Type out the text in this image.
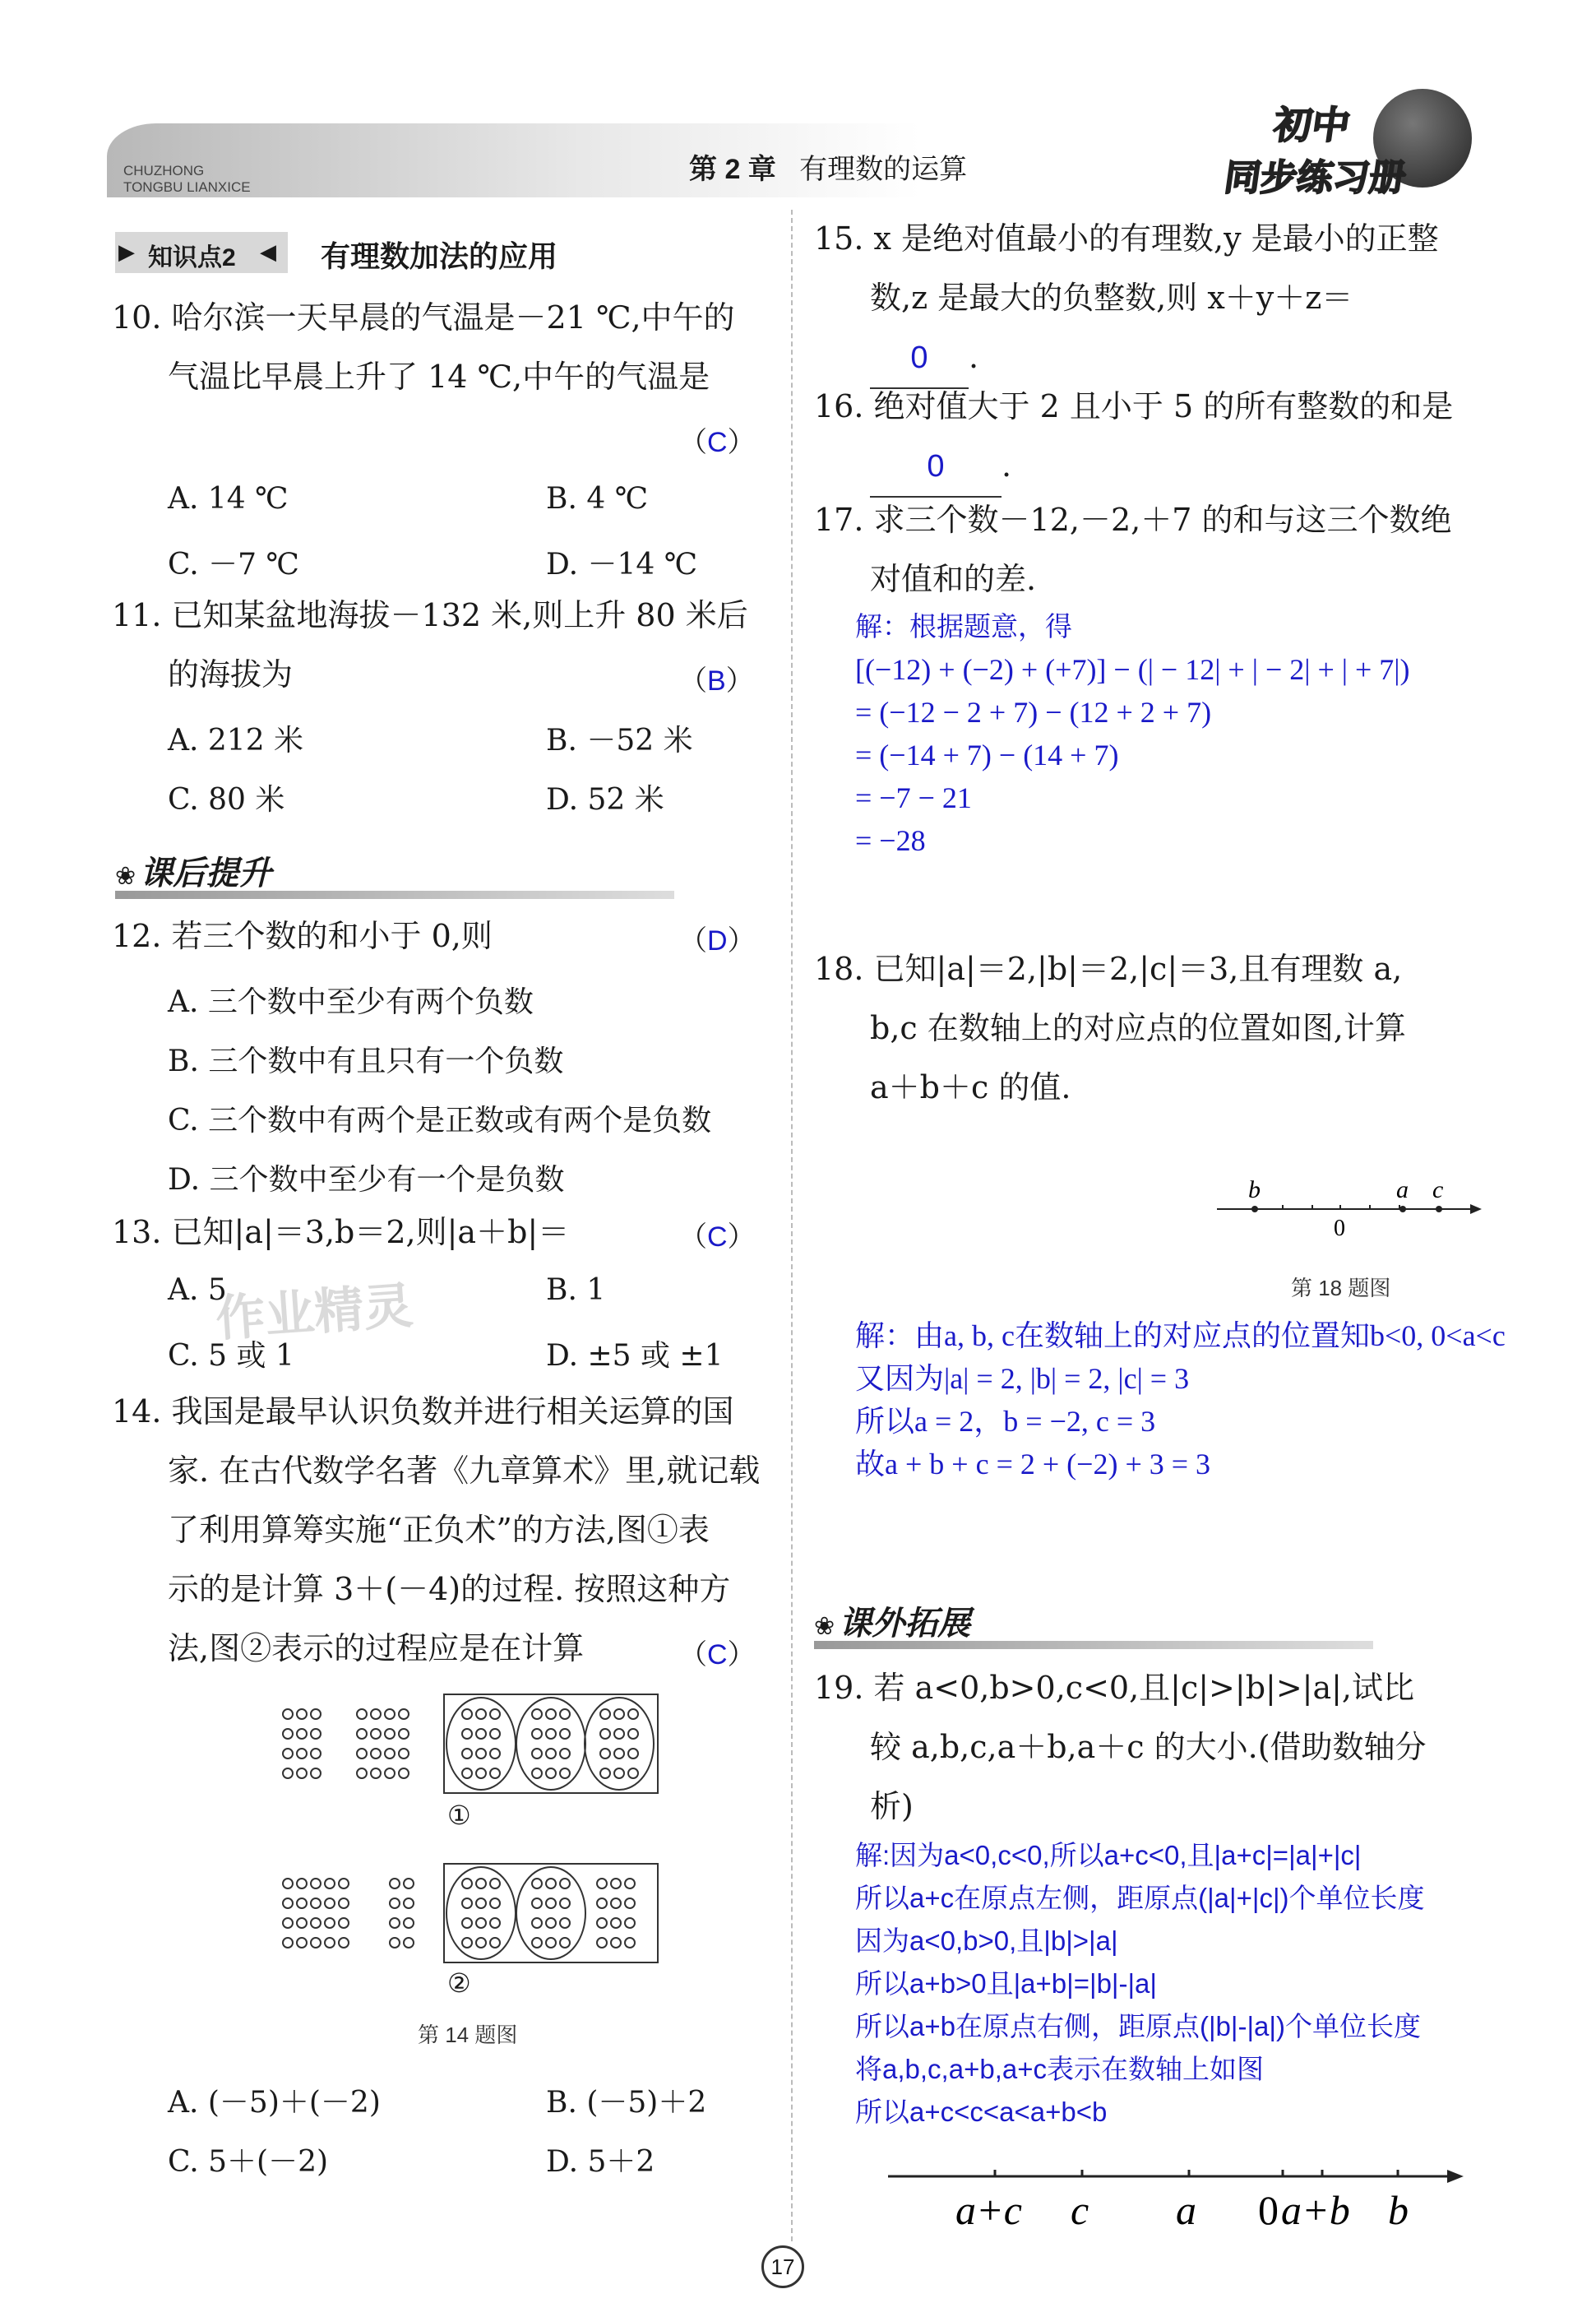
CHUZHONG
TONGBU LIANXICE
第 2 章 有理数的运算
初中
同步练习册
▶ 知识点2 ◀ 有理数加法的应用
10. 哈尔滨一天早晨的气温是－21 ℃,中午的
气温比早晨上升了 14 ℃,中午的气温是
（C）
A. 14 ℃	B. 4 ℃
C. －7 ℃	D. －14 ℃
11. 已知某盆地海拔－132 米,则上升 80 米后
的海拔为	（B）
A. 212 米	B. －52 米
C. 80 米	D. 52 米
❀ 课后提升
12. 若三个数的和小于 0,则	（D）
A. 三个数中至少有两个负数
B. 三个数中有且只有一个负数
C. 三个数中有两个是正数或有两个是负数
D. 三个数中至少有一个是负数
13. 已知|a|＝3,b＝2,则|a＋b|＝	（C）
A. 5	B. 1
C. 5 或 1	D. ±5 或 ±1
作业精灵
14. 我国是最早认识负数并进行相关运算的国
家. 在古代数学名著《九章算术》里,就记载
了利用算筹实施“正负术”的方法,图①表
示的是计算 3＋(－4)的过程. 按照这种方
法,图②表示的过程应是在计算	（C）
①
②
第 14 题图
A. (－5)＋(－2)	B. (－5)＋2
C. 5＋(－2)	D. 5＋2
15. x 是绝对值最小的有理数,y 是最小的正整
数,z 是最大的负整数,则 x＋y＋z＝
0 .
16. 绝对值大于 2 且小于 5 的所有整数的和是
0 .
17. 求三个数－12,－2,＋7 的和与这三个数绝
对值和的差.
解：根据题意，得
[(−12) + (−2) + (+7)] − (| − 12| + | − 2| + | + 7|)
= (−12 − 2 + 7) − (12 + 2 + 7)
= (−14 + 7) − (14 + 7)
= −7 − 21
= −28
18. 已知|a|＝2,|b|＝2,|c|＝3,且有理数 a,
b,c 在数轴上的对应点的位置如图,计算
a＋b＋c 的值.
b	a c
0
第 18 题图
解：由a, b, c在数轴上的对应点的位置知b<0, 0<a<c
又因为|a| = 2, |b| = 2, |c| = 3
所以a = 2，b = −2, c = 3
故a + b + c = 2 + (−2) + 3 = 3
❀ 课外拓展
19. 若 a<0,b>0,c<0,且|c|>|b|>|a|,试比
较 a,b,c,a＋b,a＋c 的大小.(借助数轴分
析)
解:因为a<0,c<0,所以a+c<0,且|a+c|=|a|+|c|
所以a+c在原点左侧，距原点(|a|+|c|)个单位长度
因为a<0,b>0,且|b|>|a|
所以a+b>0且|a+b|=|b|-|a|
所以a+b在原点右侧，距原点(|b|-|a|)个单位长度
将a,b,c,a+b,a+c表示在数轴上如图
所以a+c<c<a<a+b<b
a+c c a 0 a+b b
17
